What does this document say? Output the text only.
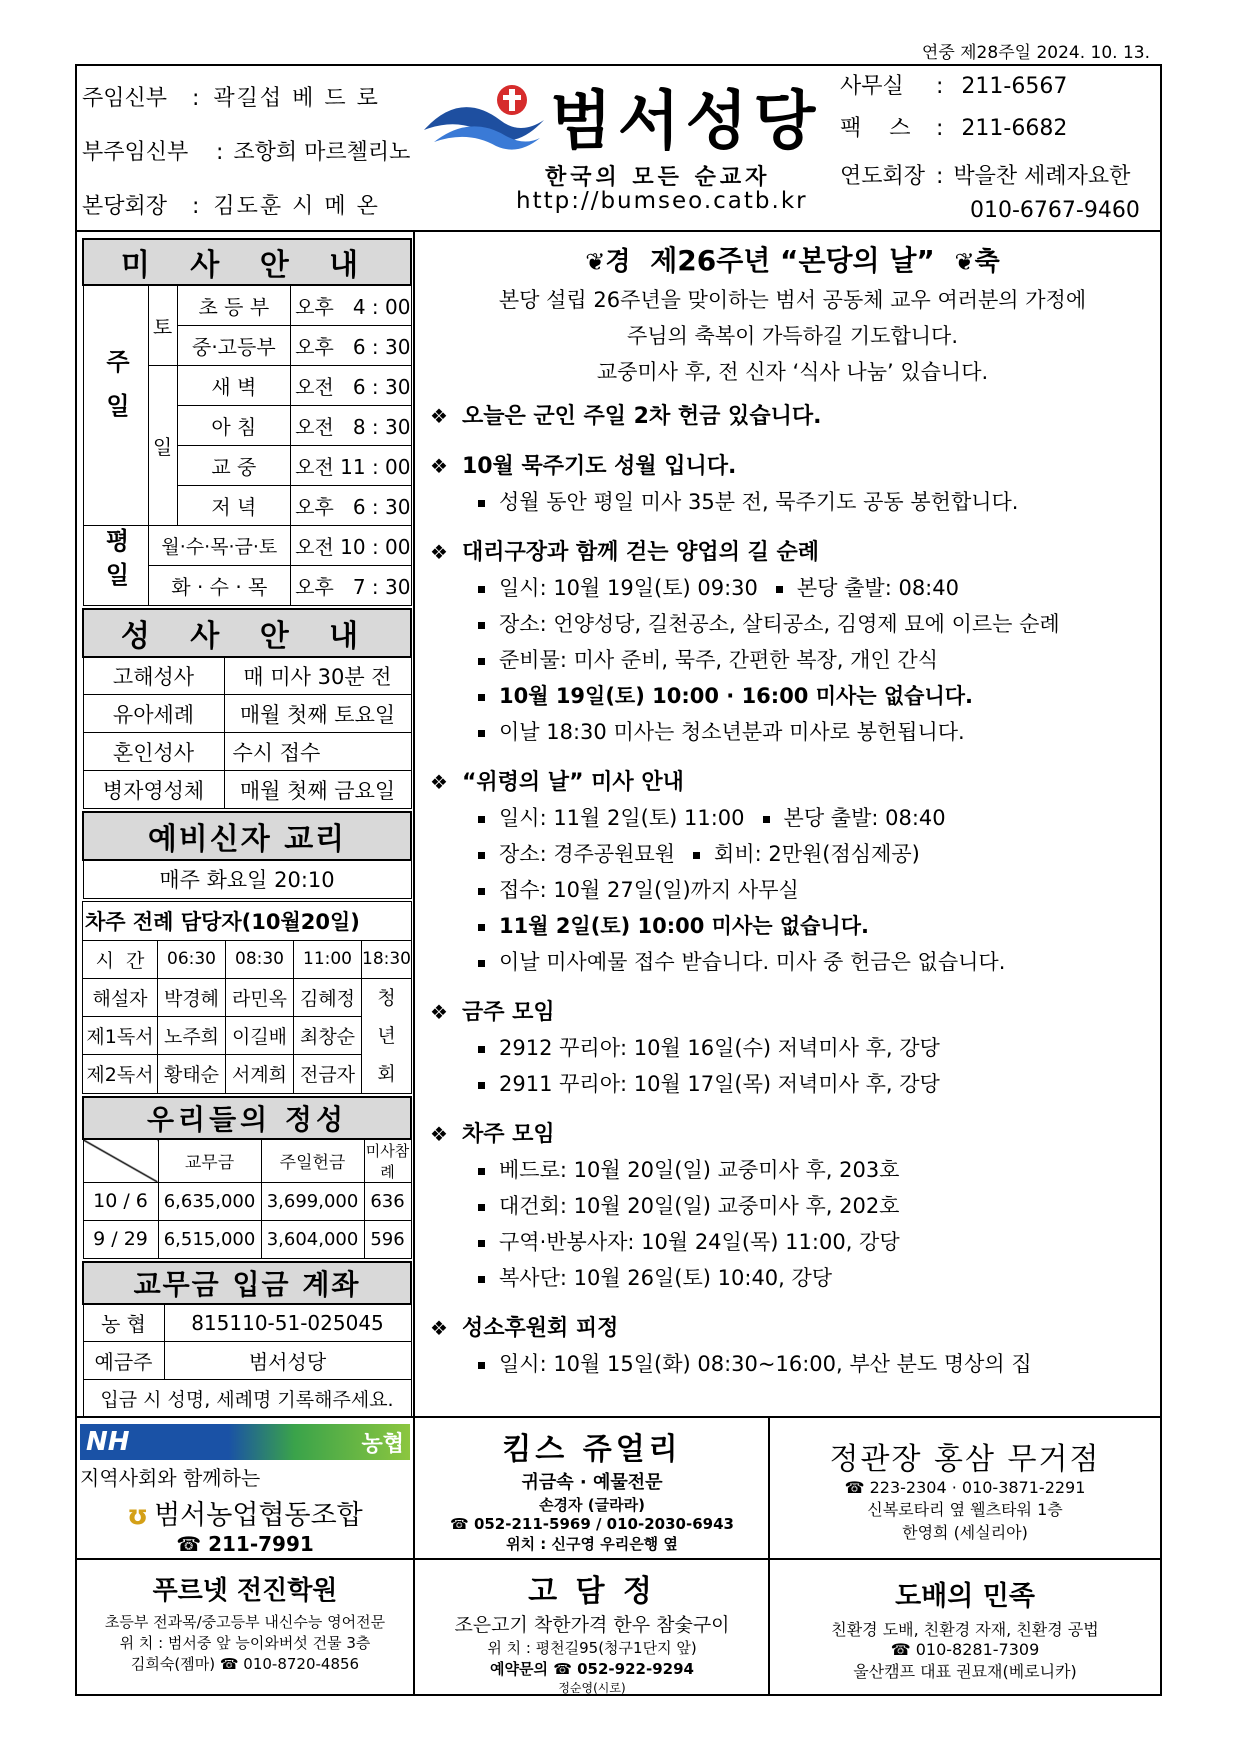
연중 제28주일 2024. 10. 13.
주임신부	: 곽길섭 베 드 로
부주임신부	: 조항희 마르첼리노
본당회장	: 김도훈 시 메 온
범서성당
한국의 모든 순교자
http://bumseo.catb.kr
사무실	: 211-6567
팩    스	: 211-6682
연도회장 : 박을찬 세례자요한
010-6767-9460
미 사 안 내			
주일	토	초 등 부	오후   4 : 00
		중·고등부	오후   6 : 30
	일	새 벽	오전   6 : 30
		아 침	오전   8 : 30
		교 중	오전 11 : 00
		저 녁	오후   6 : 30
평일	월·수·목·금·토		오전 10 : 00
	화 · 수 · 목		오후   7 : 30
성 사 안 내	
고해성사	매 미사 30분 전
유아세례	매월 첫째 토요일
혼인성사	수시 접수
병자영성체	매월 첫째 금요일
예비신자 교리
매주 화요일 20:10
차주 전례 담당자(10월20일)				
시  간	06:30	08:30	11:00	18:30
해설자	박경혜	라민옥	김혜정	청년회
제1독서	노주희	이길배	최창순	
제2독서	황태순	서계희	전금자	
우리들의 정성			
	교무금	주일헌금	미사참례
10 / 6	6,635,000	3,699,000	636
9 / 29	6,515,000	3,604,000	596
교무금 입금 계좌	
농 협	815110-51-025045
예금주	범서성당
입금 시 성명, 세례명 기록해주세요.	
❦경 제26주년 “본당의 날” ❦축
본당 설립 26주년을 맞이하는 범서 공동체 교우 여러분의 가정에
주님의 축복이 가득하길 기도합니다.
교중미사 후, 전 신자 ‘식사 나눔’ 있습니다.
❖ 오늘은 군인 주일 2차 헌금 있습니다.
❖ 10월 묵주기도 성월 입니다.
성월 동안 평일 미사 35분 전, 묵주기도 공동 봉헌합니다.
❖ 대리구장과 함께 걷는 양업의 길 순례
일시: 10월 19일(토) 09:30 본당 출발: 08:40
장소: 언양성당, 길천공소, 살티공소, 김영제 묘에 이르는 순례
준비물: 미사 준비, 묵주, 간편한 복장, 개인 간식
10월 19일(토) 10:00 · 16:00 미사는 없습니다.
이날 18:30 미사는 청소년분과 미사로 봉헌됩니다.
❖ “위령의 날” 미사 안내
일시: 11월 2일(토) 11:00 본당 출발: 08:40
장소: 경주공원묘원 회비: 2만원(점심제공)
접수: 10월 27일(일)까지 사무실
11월 2일(토) 10:00 미사는 없습니다.
이날 미사예물 접수 받습니다. 미사 중 헌금은 없습니다.
❖ 금주 모임
2912 꾸리아: 10월 16일(수) 저녁미사 후, 강당
2911 꾸리아: 10월 17일(목) 저녁미사 후, 강당
❖ 차주 모임
베드로: 10월 20일(일) 교중미사 후, 203호
대건회: 10월 20일(일) 교중미사 후, 202호
구역·반봉사자: 10월 24일(목) 11:00, 강당
복사단: 10월 26일(토) 10:40, 강당
❖ 성소후원회 피정
일시: 10월 15일(화) 08:30~16:00, 부산 분도 명상의 집
NH	농협
지역사회와 함께하는
ʊ 범서농업협동조합
☎ 211-7991
킴스 쥬얼리
귀금속 · 예물전문
손경자 (글라라)
☎ 052-211-5969 / 010-2030-6943
위치 : 신구영 우리은행 옆
정관장 홍삼 무거점
☎ 223-2304 · 010-3871-2291
신복로타리 옆 웰츠타워 1층
한영희 (세실리아)
푸르넷 전진학원
초등부 전과목/중고등부 내신수능 영어전문
위 치 : 범서중 앞 능이와버섯 건물 3층
김희숙(젬마) ☎ 010-8720-4856
고 담 정
조은고기 착한가격 한우 참숯구이
위 치 : 평천길95(청구1단지 앞)
예약문의 ☎ 052-922-9294
정순영(시로)
도배의 민족
친환경 도배, 친환경 자재, 친환경 공법
☎ 010-8281-7309
울산캠프 대표 권묘재(베로니카)
